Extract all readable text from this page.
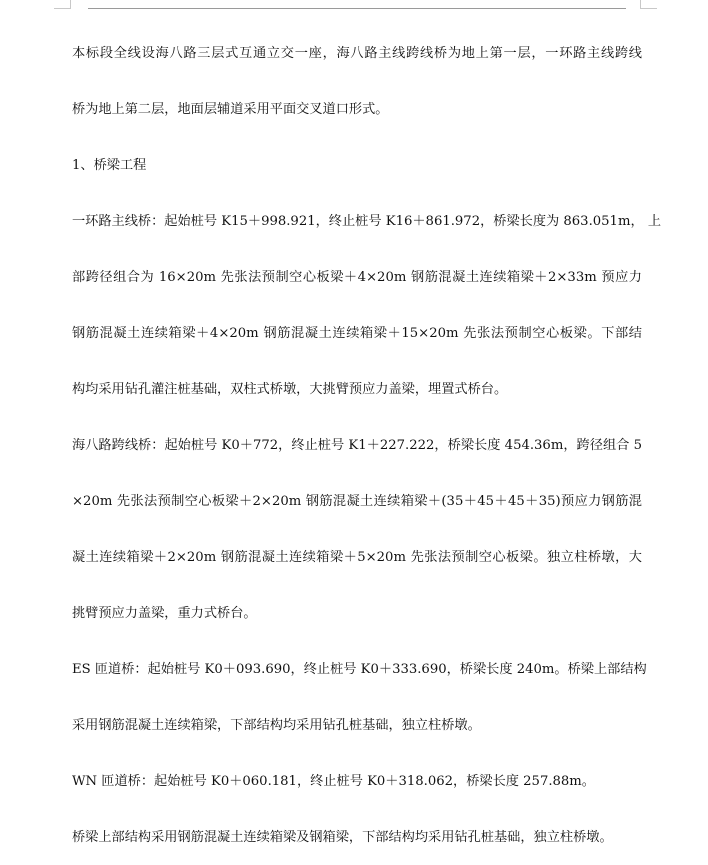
本标段全线设海八路三层式互通立交一座，海八路主线跨线桥为地上第一层，一环路主线跨线
桥为地上第二层，地面层辅道采用平面交叉道口形式。
1、桥梁工程
一环路主线桥：起始桩号 K15＋998.921，终止桩号 K16＋861.972，桥梁长度为 863.051m， 上
部跨径组合为 16×20m 先张法预制空心板梁＋4×20m 钢筋混凝土连续箱梁＋2×33m 预应力
钢筋混凝土连续箱梁＋4×20m 钢筋混凝土连续箱梁＋15×20m 先张法预制空心板梁。下部结
构均采用钻孔灌注桩基础，双柱式桥墩，大挑臂预应力盖梁，埋置式桥台。
海八路跨线桥：起始桩号 K0＋772，终止桩号 K1＋227.222，桥梁长度 454.36m，跨径组合 5
×20m 先张法预制空心板梁＋2×20m 钢筋混凝土连续箱梁＋(35＋45＋45＋35)预应力钢筋混
凝土连续箱梁＋2×20m 钢筋混凝土连续箱梁＋5×20m 先张法预制空心板梁。独立柱桥墩，大
挑臂预应力盖梁，重力式桥台。
ES 匝道桥：起始桩号 K0＋093.690，终止桩号 K0＋333.690，桥梁长度 240m。桥梁上部结构
采用钢筋混凝土连续箱梁，下部结构均采用钻孔桩基础，独立柱桥墩。
WN 匝道桥：起始桩号 K0＋060.181，终止桩号 K0＋318.062，桥梁长度 257.88m。
桥梁上部结构采用钢筋混凝土连续箱梁及钢箱梁，下部结构均采用钻孔桩基础，独立柱桥墩。
